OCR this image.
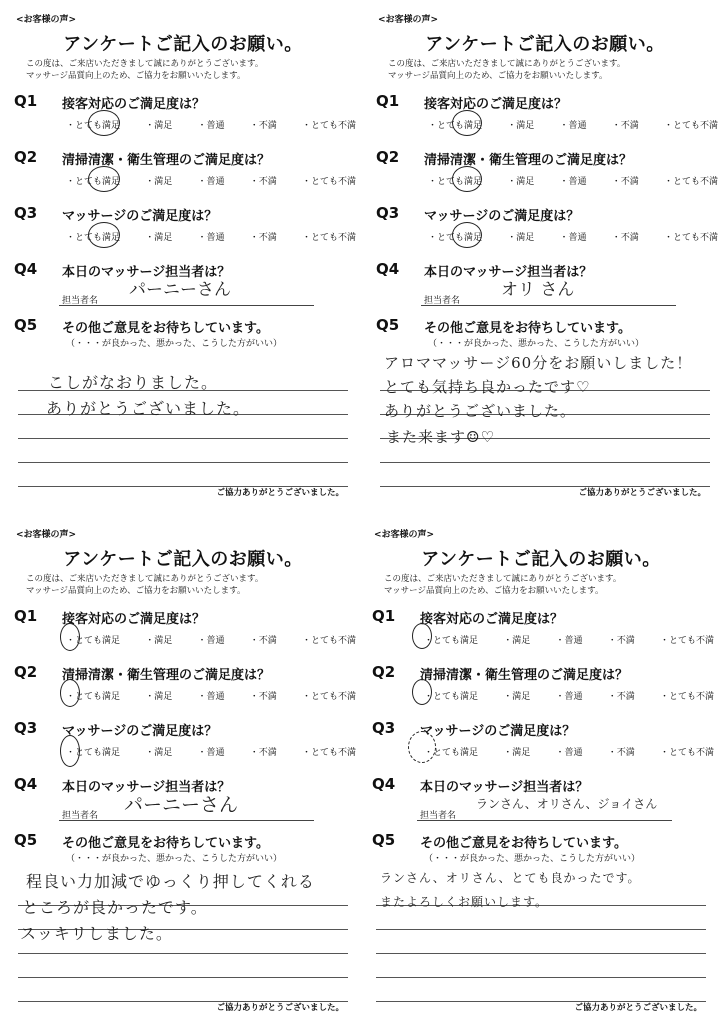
<お客様の声>
アンケートご記入のお願い。
この度は、ご来店いただきまして誠にありがとうございます。
マッサージ品質向上のため、ご協力をお願いいたします。
Q1 接客対応のご満足度は？
・とても満足	・満足	・普通	・不満	・とても不満
Q2 清掃清潔・衛生管理のご満足度は？
・とても満足	・満足	・普通	・不満	・とても不満
Q3 マッサージのご満足度は？
・とても満足	・満足	・普通	・不満	・とても不満
Q4 本日のマッサージ担当者は？
担当者名
パーニーさん
Q5 その他ご意見をお待ちしています。
（・・・が良かった、悪かった、こうした方がいい）
こしがなおりました。
ありがとうございました。
ご協力ありがとうございました。
<お客様の声>
アンケートご記入のお願い。
この度は、ご来店いただきまして誠にありがとうございます。
マッサージ品質向上のため、ご協力をお願いいたします。
Q1 接客対応のご満足度は？
・とても満足	・満足	・普通	・不満	・とても不満
Q2 清掃清潔・衛生管理のご満足度は？
・とても満足	・満足	・普通	・不満	・とても不満
Q3 マッサージのご満足度は？
・とても満足	・満足	・普通	・不満	・とても不満
Q4 本日のマッサージ担当者は？
担当者名
オリ さん
Q5 その他ご意見をお待ちしています。
（・・・が良かった、悪かった、こうした方がいい）
アロママッサージ60分をお願いしました！
とても気持ち良かったです♡
ありがとうございました。
また来ます☺♡
ご協力ありがとうございました。
<お客様の声>
アンケートご記入のお願い。
この度は、ご来店いただきまして誠にありがとうございます。
マッサージ品質向上のため、ご協力をお願いいたします。
Q1 接客対応のご満足度は？
・とても満足	・満足	・普通	・不満	・とても不満
Q2 清掃清潔・衛生管理のご満足度は？
・とても満足	・満足	・普通	・不満	・とても不満
Q3 マッサージのご満足度は？
・とても満足	・満足	・普通	・不満	・とても不満
Q4 本日のマッサージ担当者は？
担当者名 パーニーさん
Q5 その他ご意見をお待ちしています。
（・・・が良かった、悪かった、こうした方がいい）
程良い力加減でゆっくり押してくれる
ところが良かったです。
スッキリしました。
ご協力ありがとうございました。
<お客様の声>
アンケートご記入のお願い。
この度は、ご来店いただきまして誠にありがとうございます。
マッサージ品質向上のため、ご協力をお願いいたします。
Q1 接客対応のご満足度は？
・とても満足	・満足	・普通	・不満	・とても不満
Q2 清掃清潔・衛生管理のご満足度は？
・とても満足	・満足	・普通	・不満	・とても不満
Q3 マッサージのご満足度は？
・とても満足	・満足	・普通	・不満	・とても不満
Q4 本日のマッサージ担当者は？
担当者名
ランさん、オリさん、ジョイさん
Q5 その他ご意見をお待ちしています。
（・・・が良かった、悪かった、こうした方がいい）
ランさん、オリさん、とても良かったです。
またよろしくお願いします。
ご協力ありがとうございました。
